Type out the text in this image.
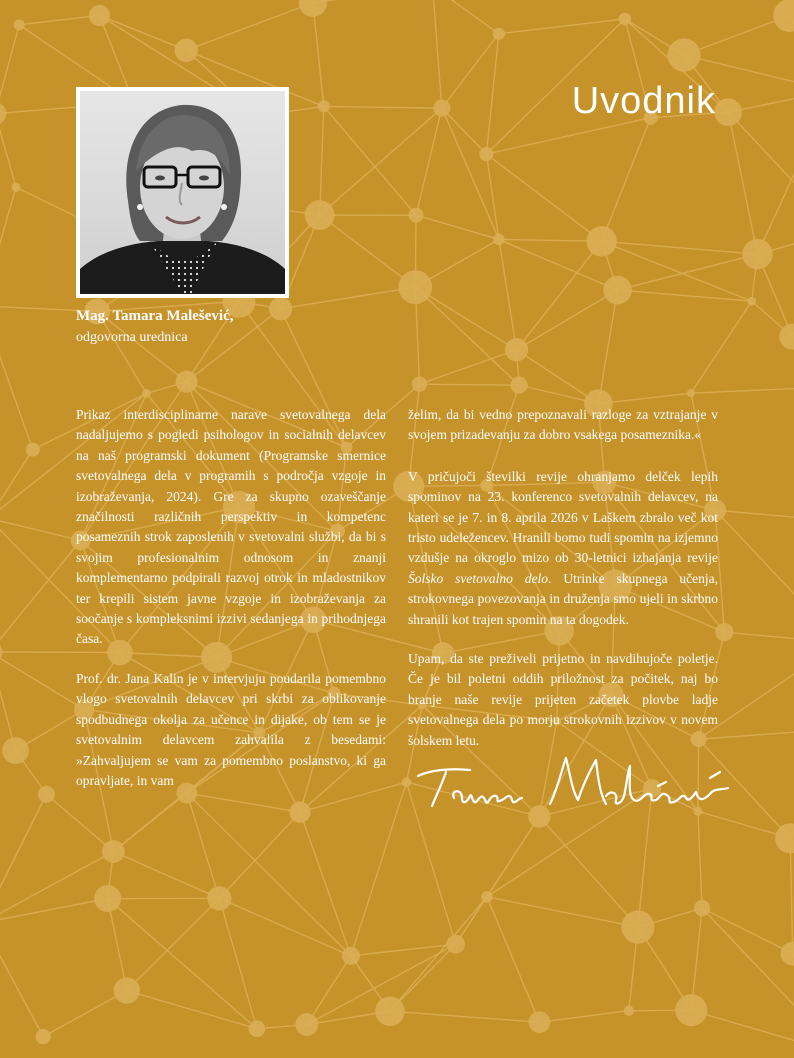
Uvodnik
Mag. Tamara Malešević,
odgovorna urednica

Prikaz interdisciplinarne narave svetovalnega dela nadaljujemo s pogledi psihologov in socialnih delavcev na naš programski dokument (Programske smernice svetovalnega dela v programih s področja vzgoje in izobraževanja, 2024). Gre za skupno ozaveščanje značilnosti različnih perspektiv in kompetenc posameznih strok zaposlenih v svetovalni službi, da bi s svojim profesionalnim odnosom in znanji komplementarno podpirali razvoj otrok in mladostnikov ter krepili sistem javne vzgoje in izobraževanja za soočanje s kompleksnimi izzivi sedanjega in prihodnjega časa.

Prof. dr. Jana Kalin je v intervjuju poudarila pomembno vlogo svetovalnih delavcev pri skrbi za oblikovanje spodbudnega okolja za učence in dijake, ob tem se je svetovalnim delavcem zahvalila z besedami: »Zahvaljujem se vam za pomembno poslanstvo, ki ga opravljate, in vam

želim, da bi vedno prepoznavali razloge za vztrajanje v svojem prizadevanju za dobro vsakega posameznika.«

V pričujoči številki revije ohranjamo delček lepih spominov na 23. konferenco svetovalnih delavcev, na kateri se je 7. in 8. aprila 2026 v Laškem zbralo več kot tristo udeležencev. Hranili bomo tudi spomin na izjemno vzdušje na okroglo mizo ob 30-letnici izhajanja revije Šolsko svetovalno delo. Utrinke skupnega učenja, strokovnega povezovanja in druženja smo ujeli in skrbno shranili kot trajen spomin na ta dogodek.

Upam, da ste preživeli prijetno in navdihujoče poletje. Če je bil poletni oddih priložnost za počitek, naj bo branje naše revije prijeten začetek plovbe ladje svetovalnega dela po morju strokovnih izzivov v novem šolskem letu.
